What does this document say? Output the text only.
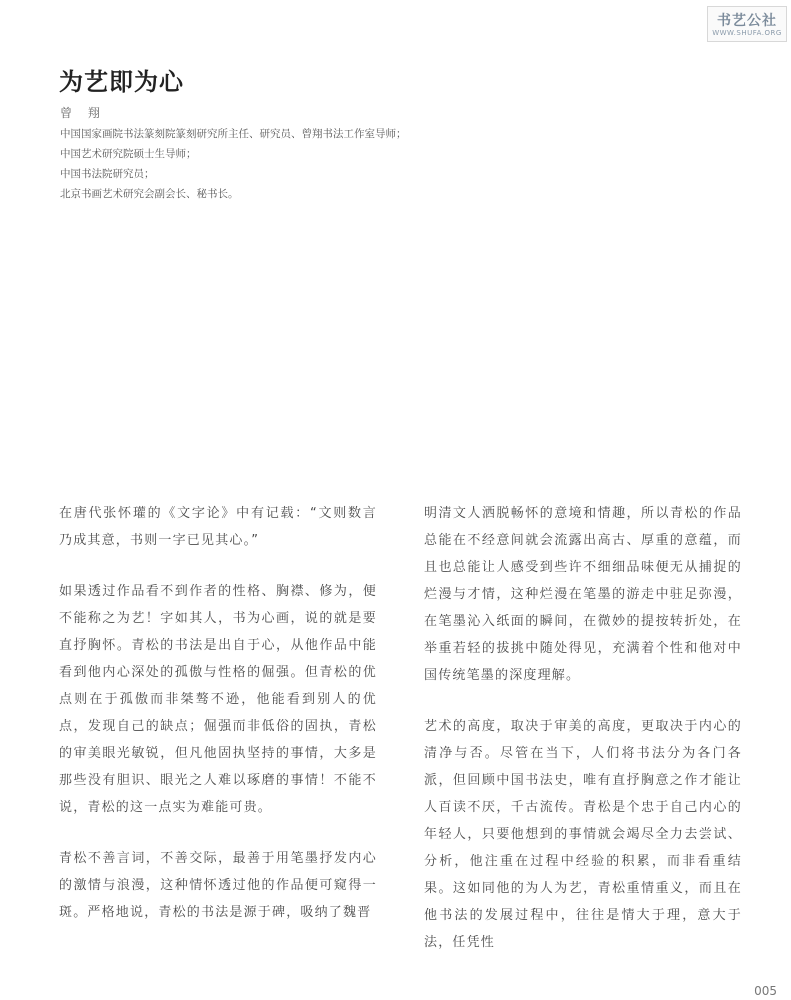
书艺公社
WWW.SHUFA.ORG
为艺即为心
曾 翔
中国国家画院书法篆刻院篆刻研究所主任、研究员、曾翔书法工作室导师；
中国艺术研究院硕士生导师；
中国书法院研究员；
北京书画艺术研究会副会长、秘书长。

在唐代张怀瓘的《文字论》中有记载：“文则数言乃成其意，书则一字已见其心。”

如果透过作品看不到作者的性格、胸襟、修为，便不能称之为艺！字如其人，书为心画，说的就是要直抒胸怀。青松的书法是出自于心，从他作品中能看到他内心深处的孤傲与性格的倔强。但青松的优点则在于孤傲而非桀骜不逊，他能看到别人的优点，发现自己的缺点；倔强而非低俗的固执，青松的审美眼光敏锐，但凡他固执坚持的事情，大多是那些没有胆识、眼光之人难以琢磨的事情！不能不说，青松的这一点实为难能可贵。

青松不善言词，不善交际，最善于用笔墨抒发内心的激情与浪漫，这种情怀透过他的作品便可窥得一斑。严格地说，青松的书法是源于碑，吸纳了魏晋

明清文人洒脱畅怀的意境和情趣，所以青松的作品总能在不经意间就会流露出高古、厚重的意蕴，而且也总能让人感受到些许不细细品味便无从捕捉的烂漫与才情，这种烂漫在笔墨的游走中驻足弥漫，在笔墨沁入纸面的瞬间，在微妙的提按转折处，在举重若轻的拔挑中随处得见，充满着个性和他对中国传统笔墨的深度理解。

艺术的高度，取决于审美的高度，更取决于内心的清净与否。尽管在当下，人们将书法分为各门各派，但回顾中国书法史，唯有直抒胸意之作才能让人百读不厌，千古流传。青松是个忠于自己内心的年轻人，只要他想到的事情就会竭尽全力去尝试、分析，他注重在过程中经验的积累，而非看重结果。这如同他的为人为艺，青松重情重义，而且在他书法的发展过程中，往往是情大于理，意大于法，任凭性

005
